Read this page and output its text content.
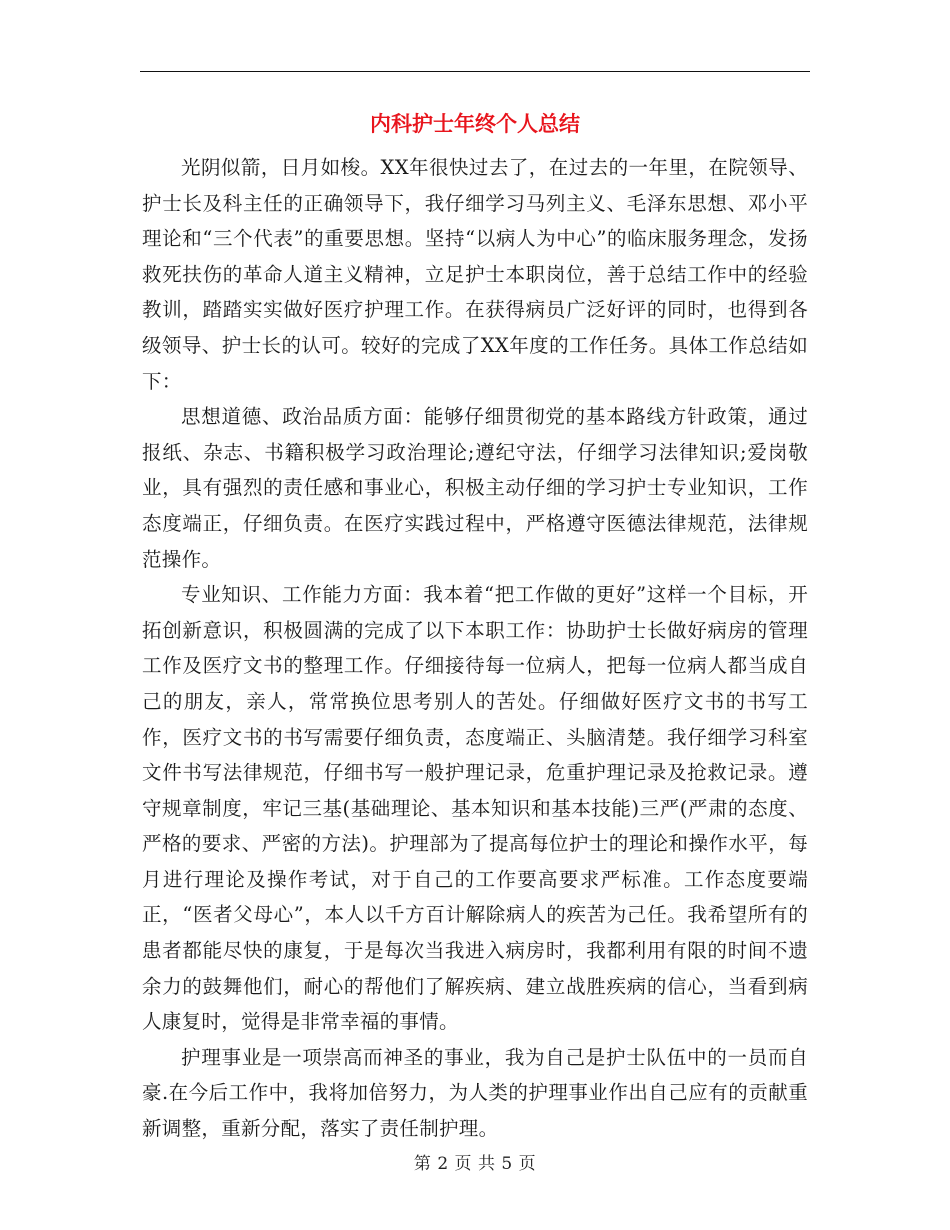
内科护士年终个人总结

光阴似箭，日月如梭。XX年很快过去了，在过去的一年里，在院领导、护士长及科主任的正确领导下，我仔细学习马列主义、毛泽东思想、邓小平理论和“三个代表”的重要思想。坚持“以病人为中心”的临床服务理念，发扬救死扶伤的革命人道主义精神，立足护士本职岗位，善于总结工作中的经验教训，踏踏实实做好医疗护理工作。在获得病员广泛好评的同时，也得到各级领导、护士长的认可。较好的完成了XX年度的工作任务。具体工作总结如下：

思想道德、政治品质方面：能够仔细贯彻党的基本路线方针政策，通过报纸、杂志、书籍积极学习政治理论;遵纪守法，仔细学习法律知识;爱岗敬业，具有强烈的责任感和事业心，积极主动仔细的学习护士专业知识，工作态度端正，仔细负责。在医疗实践过程中，严格遵守医德法律规范，法律规范操作。

专业知识、工作能力方面：我本着“把工作做的更好”这样一个目标，开拓创新意识，积极圆满的完成了以下本职工作：协助护士长做好病房的管理工作及医疗文书的整理工作。仔细接待每一位病人，把每一位病人都当成自己的朋友，亲人，常常换位思考别人的苦处。仔细做好医疗文书的书写工作，医疗文书的书写需要仔细负责，态度端正、头脑清楚。我仔细学习科室文件书写法律规范，仔细书写一般护理记录，危重护理记录及抢救记录。遵守规章制度，牢记三基(基础理论、基本知识和基本技能)三严(严肃的态度、严格的要求、严密的方法)。护理部为了提高每位护士的理论和操作水平，每月进行理论及操作考试，对于自己的工作要高要求严标准。工作态度要端正，“医者父母心”，本人以千方百计解除病人的疾苦为己任。我希望所有的患者都能尽快的康复，于是每次当我进入病房时，我都利用有限的时间不遗余力的鼓舞他们，耐心的帮他们了解疾病、建立战胜疾病的信心，当看到病人康复时，觉得是非常幸福的事情。

护理事业是一项崇高而神圣的事业，我为自己是护士队伍中的一员而自豪.在今后工作中，我将加倍努力，为人类的护理事业作出自己应有的贡献重新调整，重新分配，落实了责任制护理。

第 2 页 共 5 页
